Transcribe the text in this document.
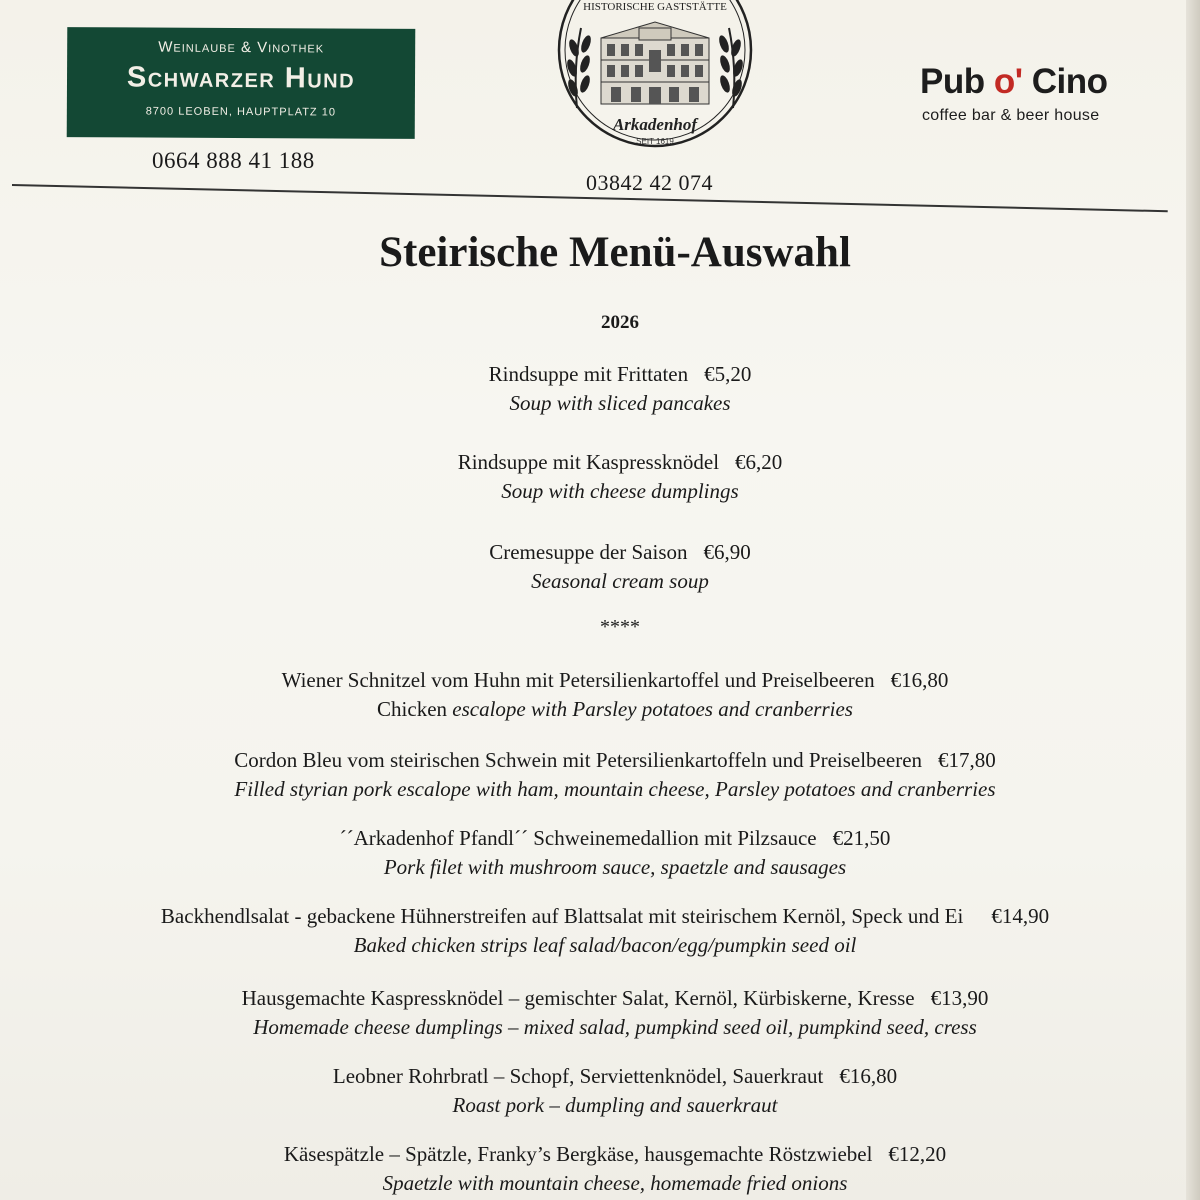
Weinlaube & Vinothek
Schwarzer Hund
8700 LEOBEN, HAUPTPLATZ 10
0664 888 41 188
HISTORISCHE GASTSTÄTTE
Arkadenhof
SEIT 1619
03842 42 074
Pub o' Cino
coffee bar & beer house
Steirische Menü-Auswahl
2026
Rindsuppe mit Frittaten €5,20
Soup with sliced pancakes
Rindsuppe mit Kaspressknödel €6,20
Soup with cheese dumplings
Cremesuppe der Saison €6,90
Seasonal cream soup
****
Wiener Schnitzel vom Huhn mit Petersilienkartoffel und Preiselbeeren €16,80
Chicken escalope with Parsley potatoes and cranberries
Cordon Bleu vom steirischen Schwein mit Petersilienkartoffeln und Preiselbeeren €17,80
Filled styrian pork escalope with ham, mountain cheese, Parsley potatoes and cranberries
´´Arkadenhof Pfandl´´ Schweinemedallion mit Pilzsauce €21,50
Pork filet with mushroom sauce, spaetzle and sausages
Backhendlsalat - gebackene Hühnerstreifen auf Blattsalat mit steirischem Kernöl, Speck und Ei €14,90
Baked chicken strips leaf salad/bacon/egg/pumpkin seed oil
Hausgemachte Kaspressknödel – gemischter Salat, Kernöl, Kürbiskerne, Kresse €13,90
Homemade cheese dumplings – mixed salad, pumpkind seed oil, pumpkind seed, cress
Leobner Rohrbratl – Schopf, Serviettenknödel, Sauerkraut €16,80
Roast pork – dumpling and sauerkraut
Käsespätzle – Spätzle, Franky’s Bergkäse, hausgemachte Röstzwiebel €12,20
Spaetzle with mountain cheese, homemade fried onions
